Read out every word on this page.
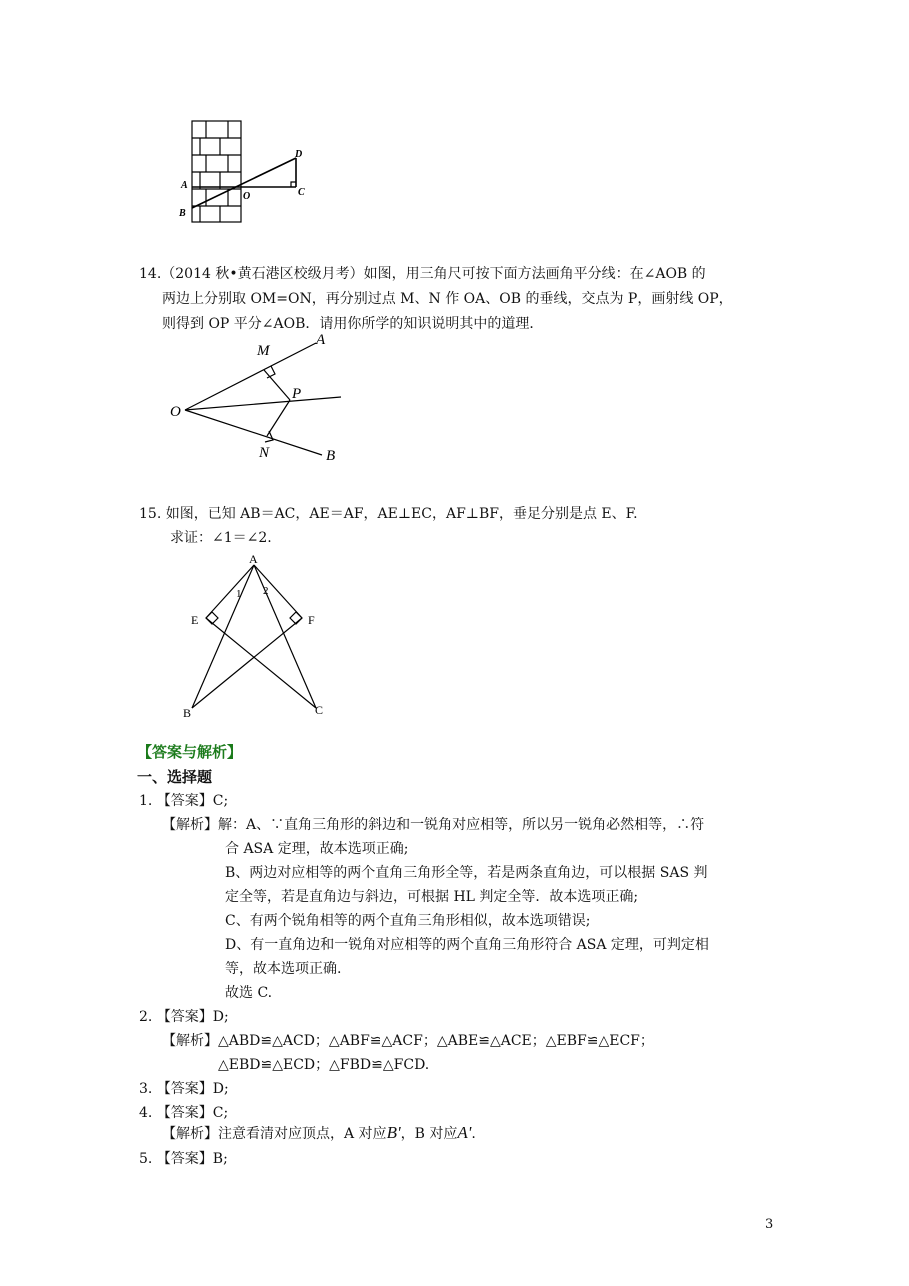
A
B
O
D
C
14.（2014 秋•黄石港区校级月考）如图，用三角尺可按下面方法画角平分线：在∠AOB 的
两边上分别取 OM=ON，再分别过点 M、N 作 OA、OB 的垂线，交点为 P，画射线 OP，
则得到 OP 平分∠AOB．请用你所学的知识说明其中的道理．
O
M
A
P
N	B
15. 如图，已知 AB＝AC，AE＝AF，AE⊥EC，AF⊥BF，垂足分别是点 E、F.
求证：∠1＝∠2.
A
E	F
B	C
1 2
【答案与解析】
一、选择题
1. 【答案】C;
【解析】解：A、∵直角三角形的斜边和一锐角对应相等，所以另一锐角必然相等，∴符
合 ASA 定理，故本选项正确;
B、两边对应相等的两个直角三角形全等，若是两条直角边，可以根据 SAS 判
定全等，若是直角边与斜边，可根据 HL 判定全等．故本选项正确;
C、有两个锐角相等的两个直角三角形相似，故本选项错误;
D、有一直角边和一锐角对应相等的两个直角三角形符合 ASA 定理，可判定相
等，故本选项正确.
故选 C.
2. 【答案】D;
【解析】△ABD≌△ACD；△ABF≌△ACF；△ABE≌△ACE；△EBF≌△ECF；
△EBD≌△ECD；△FBD≌△FCD.
3. 【答案】D;
4. 【答案】C;
【解析】注意看清对应顶点，A 对应B'，B 对应A'.
5. 【答案】B;
3
